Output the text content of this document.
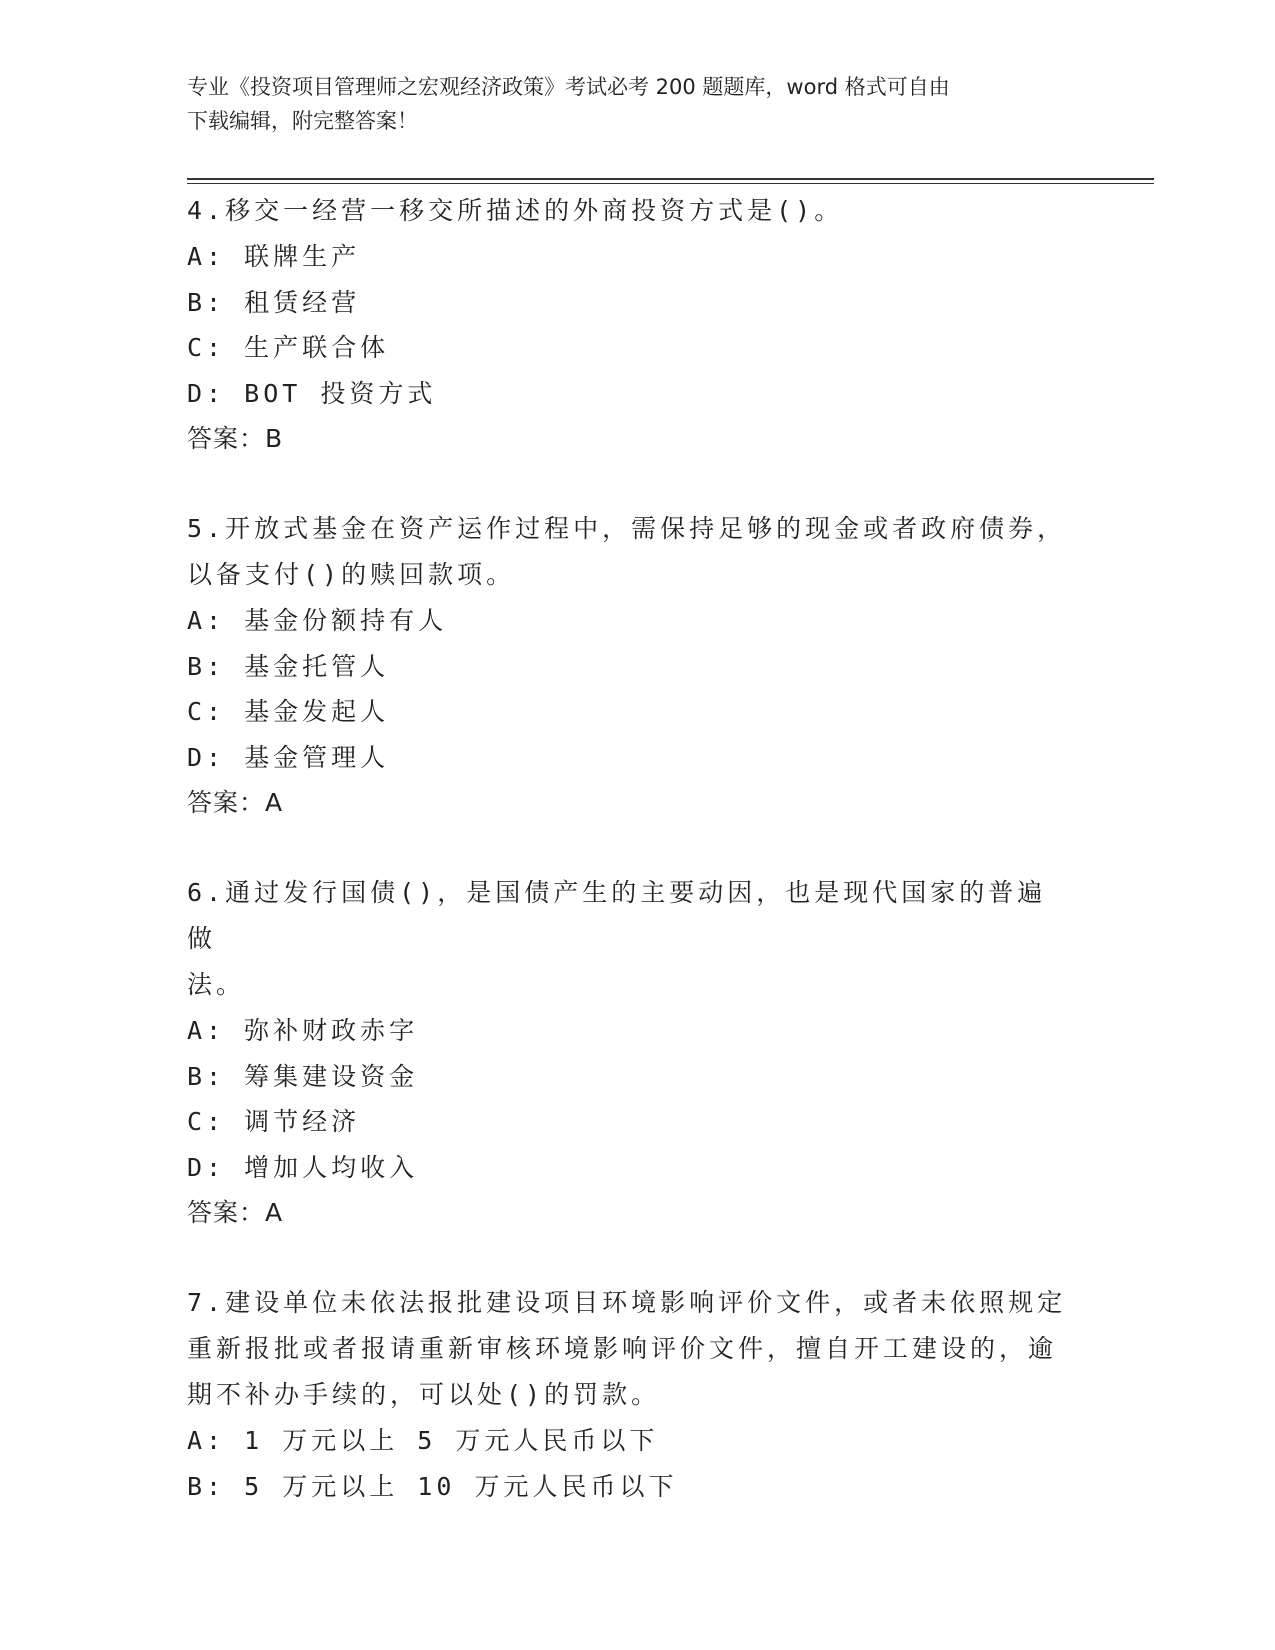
专业《投资项目管理师之宏观经济政策》考试必考 200 题题库，word 格式可自由
下载编辑，附完整答案！

4.移交一经营一移交所描述的外商投资方式是()。

A: 联牌生产

B: 租赁经营

C: 生产联合体

D: BOT 投资方式

答案：B

5.开放式基金在资产运作过程中，需保持足够的现金或者政府债券，

以备支付()的赎回款项。

A: 基金份额持有人

B: 基金托管人

C: 基金发起人

D: 基金管理人

答案：A

6.通过发行国债()，是国债产生的主要动因，也是现代国家的普遍做

法。

A: 弥补财政赤字

B: 筹集建设资金

C: 调节经济

D: 增加人均收入

答案：A

7.建设单位未依法报批建设项目环境影响评价文件，或者未依照规定

重新报批或者报请重新审核环境影响评价文件，擅自开工建设的，逾

期不补办手续的，可以处()的罚款。

A: 1 万元以上 5 万元人民币以下

B: 5 万元以上 10 万元人民币以下
